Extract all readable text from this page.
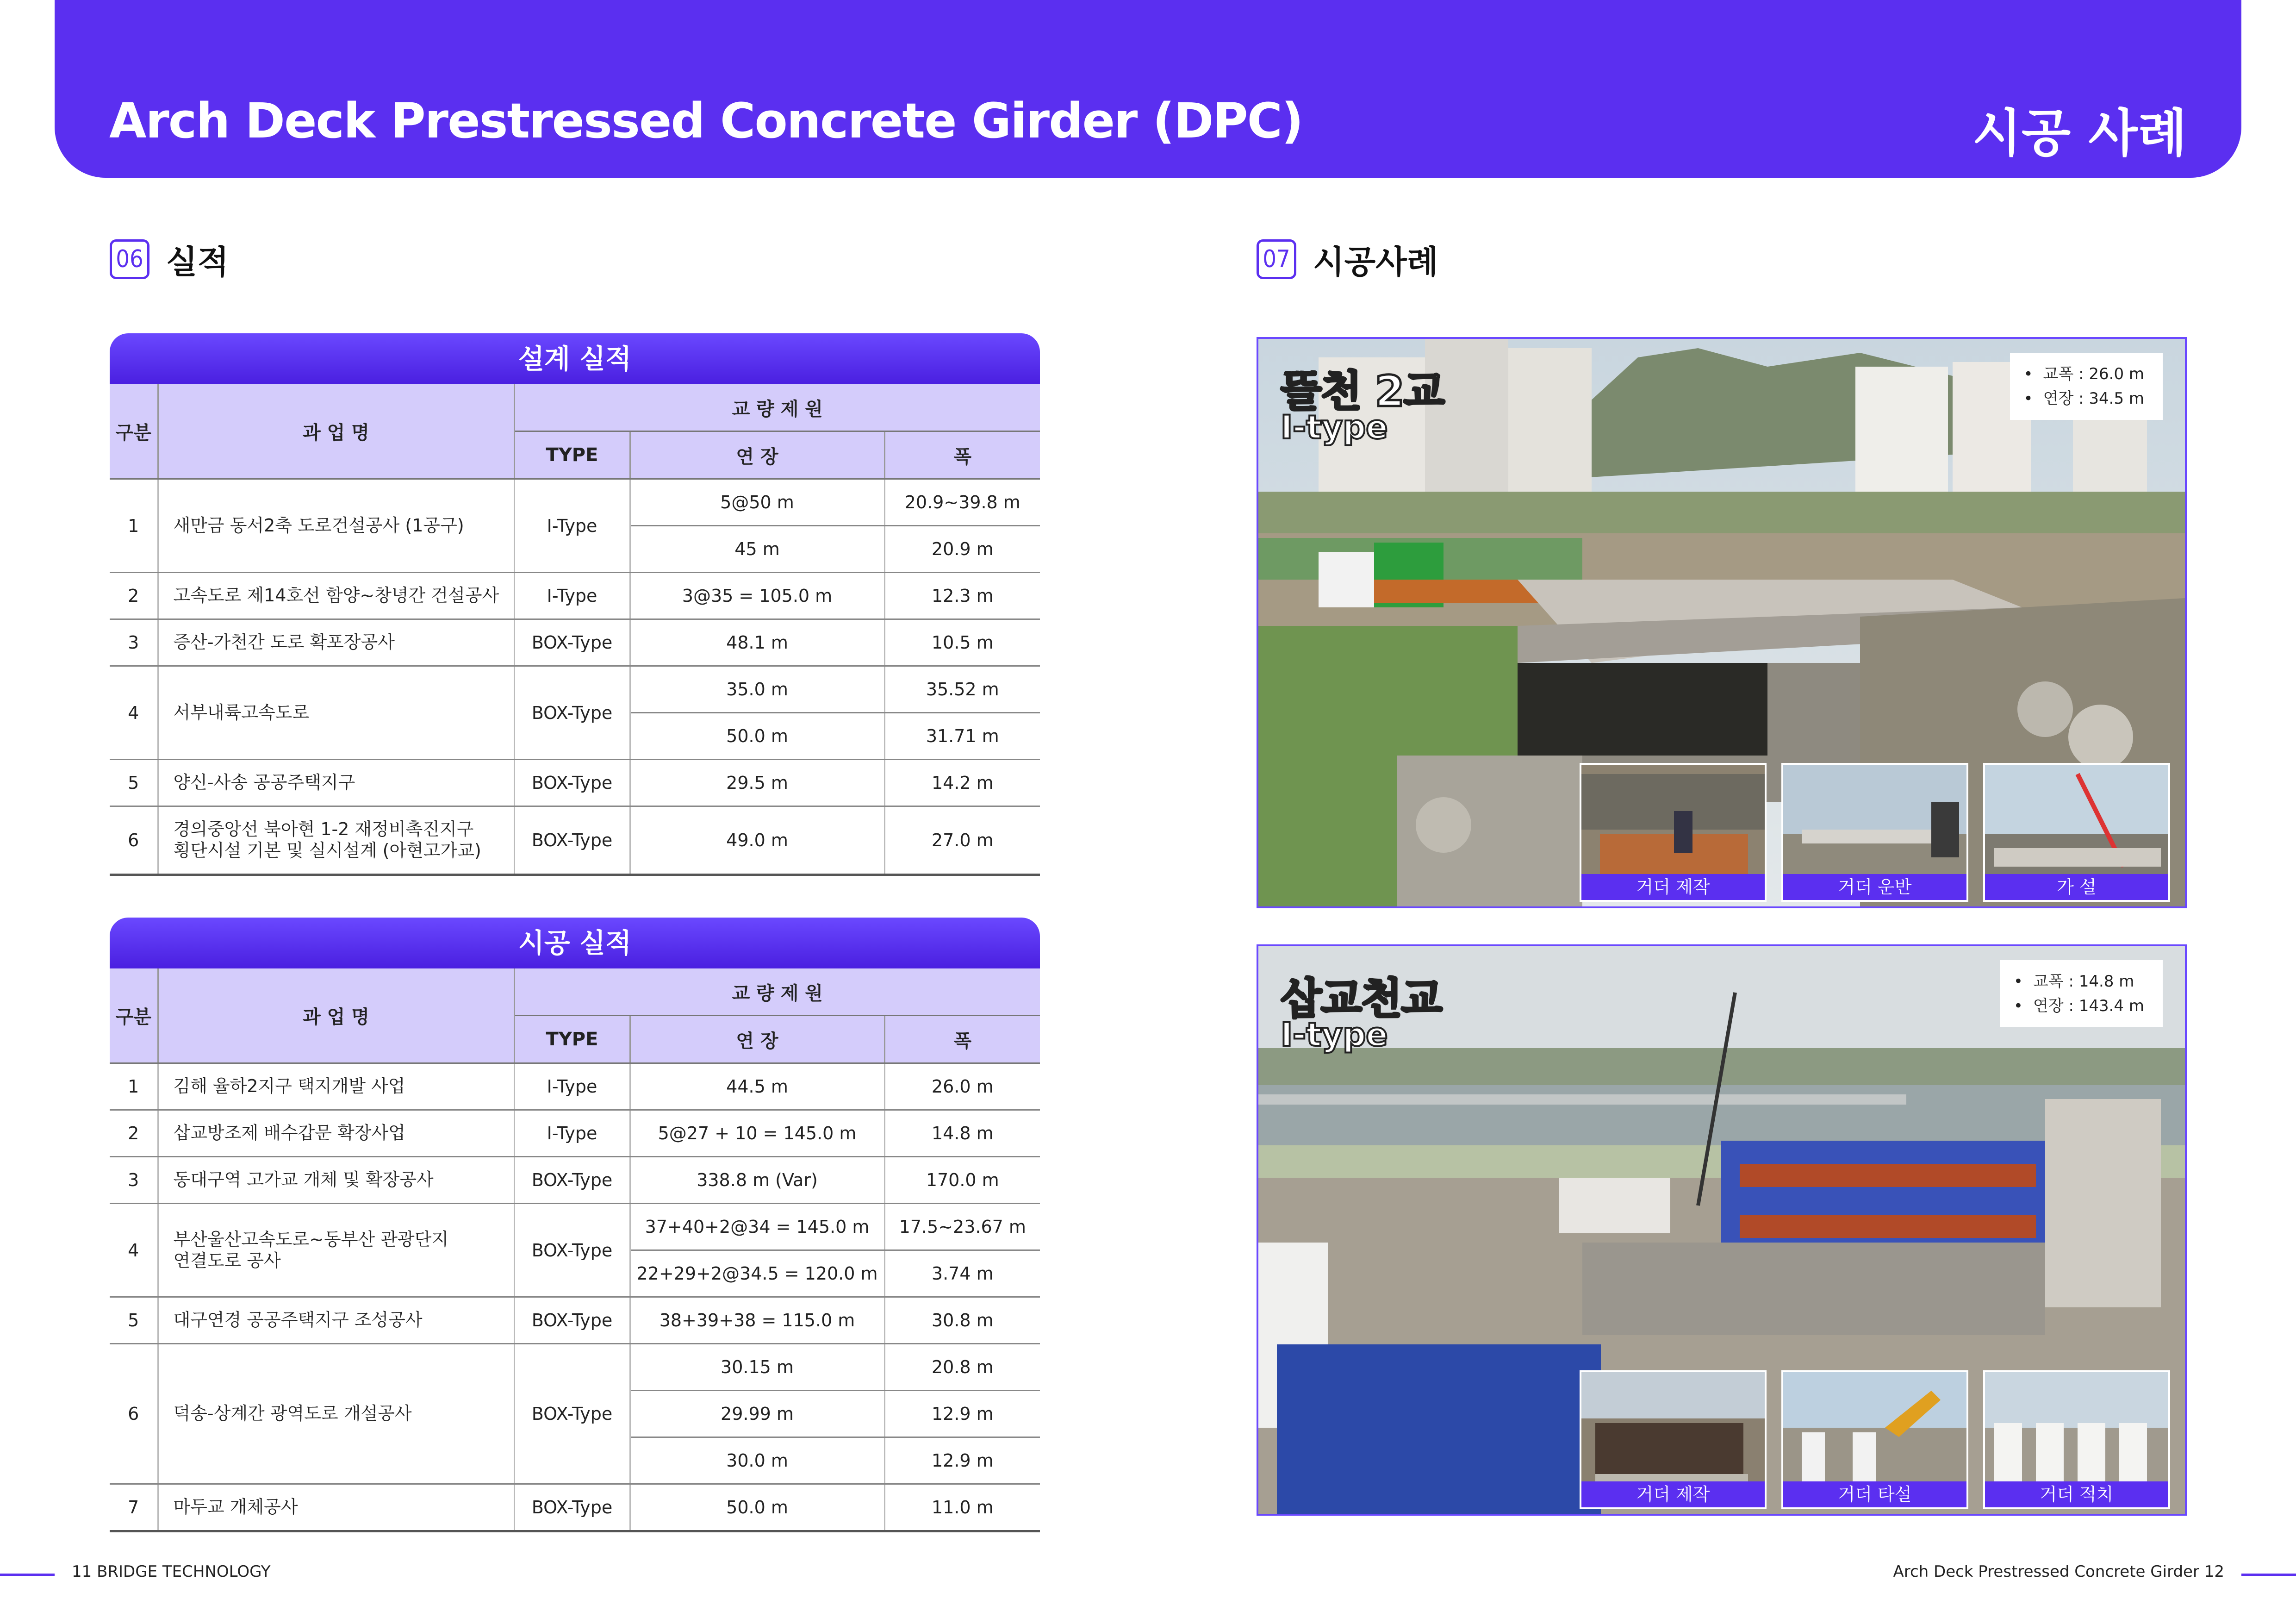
Arch Deck Prestressed Concrete Girder (DPC)	시공 사례
06 실적	07 시공사례
설계 실적
구분	과 업 명	교 량 제 원		
		TYPE	연 장	폭
1	새만금 동서2축 도로건설공사 (1공구)	I-Type	5@50 m	20.9~39.8 m
			45 m	20.9 m
2	고속도로 제14호선 함양~창녕간 건설공사	I-Type	3@35 = 105.0 m	12.3 m
3	증산-가천간 도로 확포장공사	BOX-Type	48.1 m	10.5 m
4	서부내륙고속도로	BOX-Type	35.0 m	35.52 m
			50.0 m	31.71 m
5	양신-사송 공공주택지구	BOX-Type	29.5 m	14.2 m
6	경의중앙선 북아현 1-2 재정비촉진지구
횡단시설 기본 및 실시설계 (아현고가교)	BOX-Type	49.0 m	27.0 m
시공 실적
구분	과 업 명	교 량 제 원		
		TYPE	연 장	폭
1	김해 율하2지구 택지개발 사업	I-Type	44.5 m	26.0 m
2	삽교방조제 배수갑문 확장사업	I-Type	5@27 + 10 = 145.0 m	14.8 m
3	동대구역 고가교 개체 및 확장공사	BOX-Type	338.8 m (Var)	170.0 m
4	부산울산고속도로~동부산 관광단지
연결도로 공사	BOX-Type	37+40+2@34 = 145.0 m	17.5~23.67 m
			22+29+2@34.5 = 120.0 m	3.74 m
5	대구연경 공공주택지구 조성공사	BOX-Type	38+39+38 = 115.0 m	30.8 m
6	덕송-상계간 광역도로 개설공사	BOX-Type	30.15 m	20.8 m
			29.99 m	12.9 m
			30.0 m	12.9 m
7	마두교 개체공사	BOX-Type	50.0 m	11.0 m
뜰천 2교
I-type
• 교폭 : 26.0 m
• 연장 : 34.5 m
거더 제작	거더 운반	가 설
삽교천교
I-type
• 교폭 : 14.8 m
• 연장 : 143.4 m
거더 제작	거더 타설	거더 적치
11 BRIDGE TECHNOLOGY	Arch Deck Prestressed Concrete Girder 12
